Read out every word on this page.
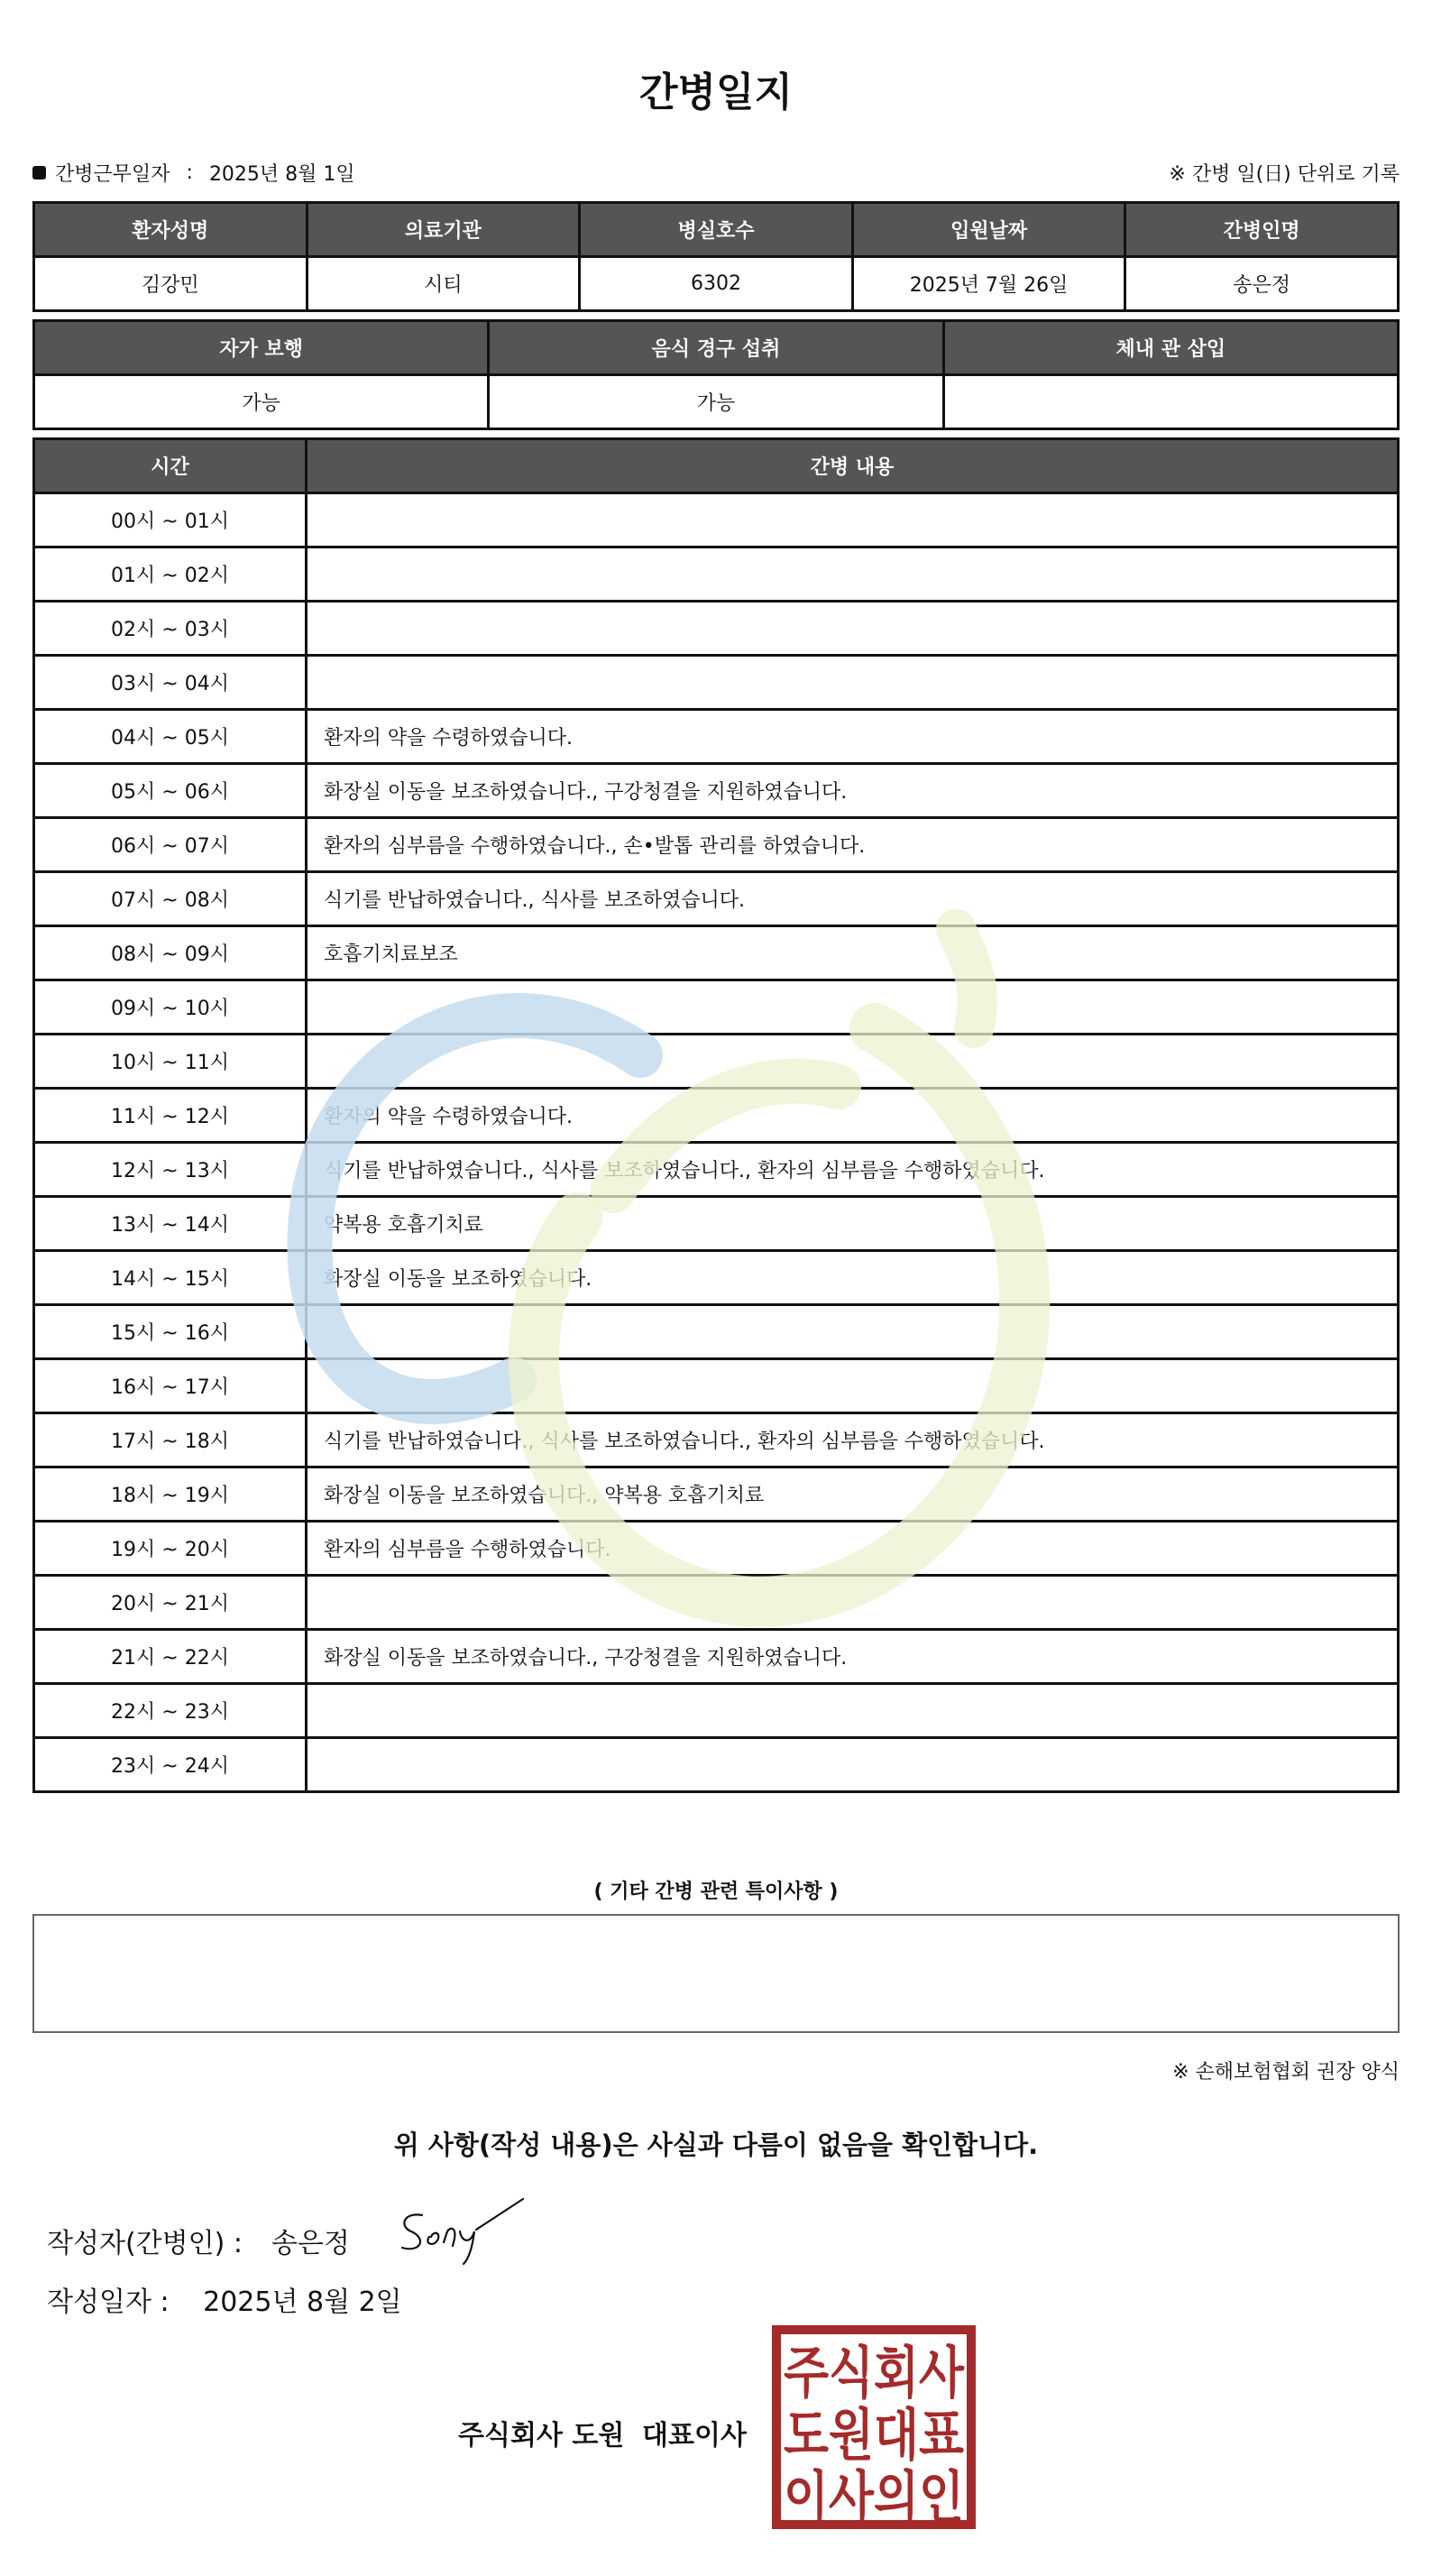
간병일지
간병근무일자 : 2025년 8월 1일	※ 간병 일(日) 단위로 기록
환자성명	의료기관	병실호수	입원날짜	간병인명
김강민	시티	6302	2025년 7월 26일	송은정
자가 보행	음식 경구 섭취	체내 관 삽입
가능	가능	
시간	간병 내용
00시 ~ 01시	
01시 ~ 02시	
02시 ~ 03시	
03시 ~ 04시	
04시 ~ 05시	환자의 약을 수령하였습니다.
05시 ~ 06시	화장실 이동을 보조하였습니다., 구강청결을 지원하였습니다.
06시 ~ 07시	환자의 심부름을 수행하였습니다., 손•발톱 관리를 하였습니다.
07시 ~ 08시	식기를 반납하였습니다., 식사를 보조하였습니다.
08시 ~ 09시	호흡기치료보조
09시 ~ 10시	
10시 ~ 11시	
11시 ~ 12시	환자의 약을 수령하였습니다.
12시 ~ 13시	식기를 반납하였습니다., 식사를 보조하였습니다., 환자의 심부름을 수행하였습니다.
13시 ~ 14시	약복용 호흡기치료
14시 ~ 15시	화장실 이동을 보조하였습니다.
15시 ~ 16시	
16시 ~ 17시	
17시 ~ 18시	식기를 반납하였습니다., 식사를 보조하였습니다., 환자의 심부름을 수행하였습니다.
18시 ~ 19시	화장실 이동을 보조하였습니다., 약복용 호흡기치료
19시 ~ 20시	환자의 심부름을 수행하였습니다.
20시 ~ 21시	
21시 ~ 22시	화장실 이동을 보조하였습니다., 구강청결을 지원하였습니다.
22시 ~ 23시	
23시 ~ 24시	
( 기타 간병 관련 특이사항 )
※ 손해보험협회 권장 양식
위 사항(작성 내용)은 사실과 다름이 없음을 확인합니다.
작성자(간병인) : 송은정
작성일자 : 2025년 8월 2일
주식회사 도원 대표이사
주식회사
도원대표
이사의인
